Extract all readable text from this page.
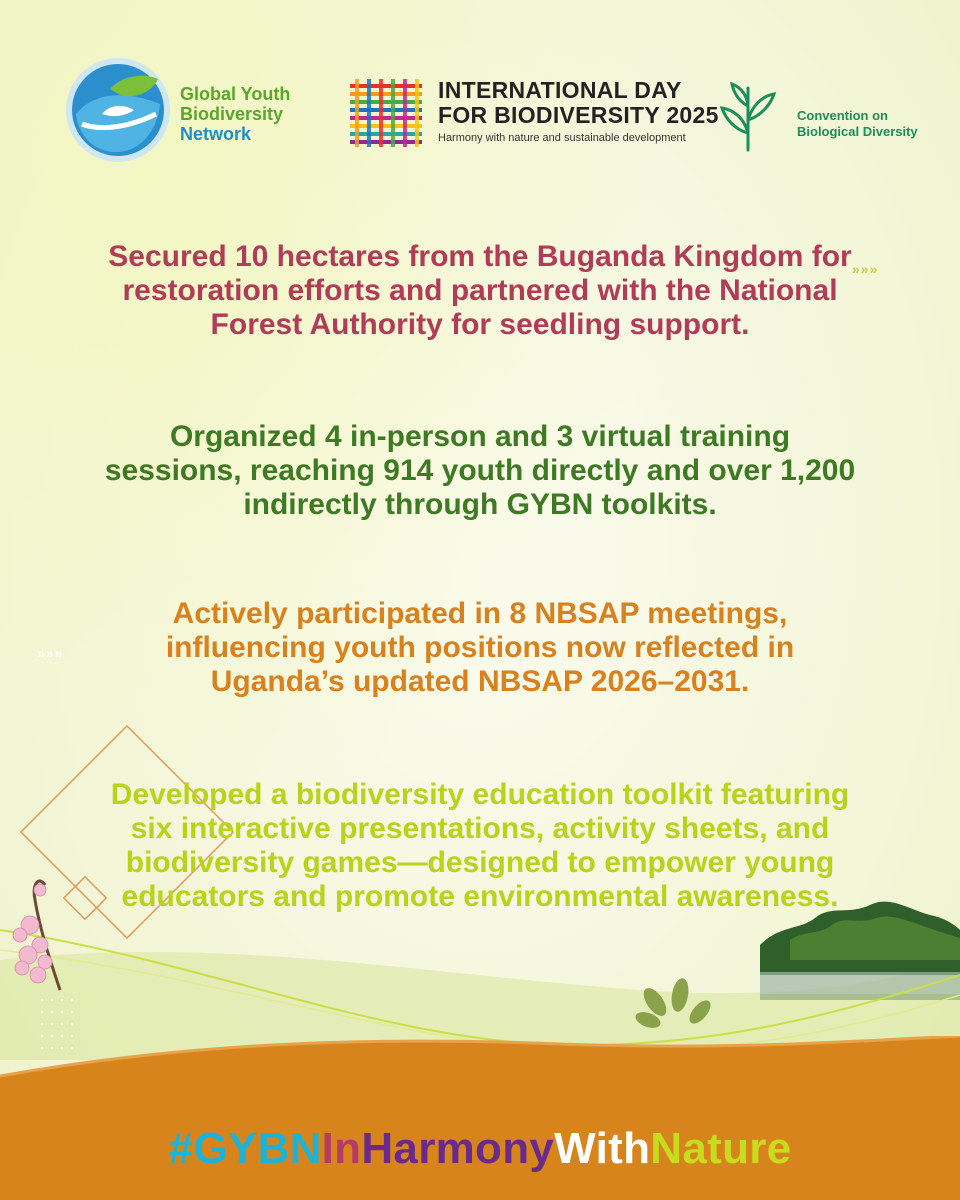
Global Youth
Biodiversity
Network
INTERNATIONAL DAY
FOR BIODIVERSITY 2025
Harmony with nature and sustainable development
Convention on
Biological Diversity
»»»
»»»

Secured 10 hectares from the Buganda Kingdom for restoration efforts and partnered with the National Forest Authority for seedling support.

Organized 4 in-person and 3 virtual training sessions, reaching 914 youth directly and over 1,200 indirectly through GYBN toolkits.

Actively participated in 8 NBSAP meetings, influencing youth positions now reflected in Uganda’s updated NBSAP 2026–2031.

Developed a biodiversity education toolkit featuring six interactive presentations, activity sheets, and biodiversity games—designed to empower young educators and promote environmental awareness.

#GYBNInHarmonyWithNature
